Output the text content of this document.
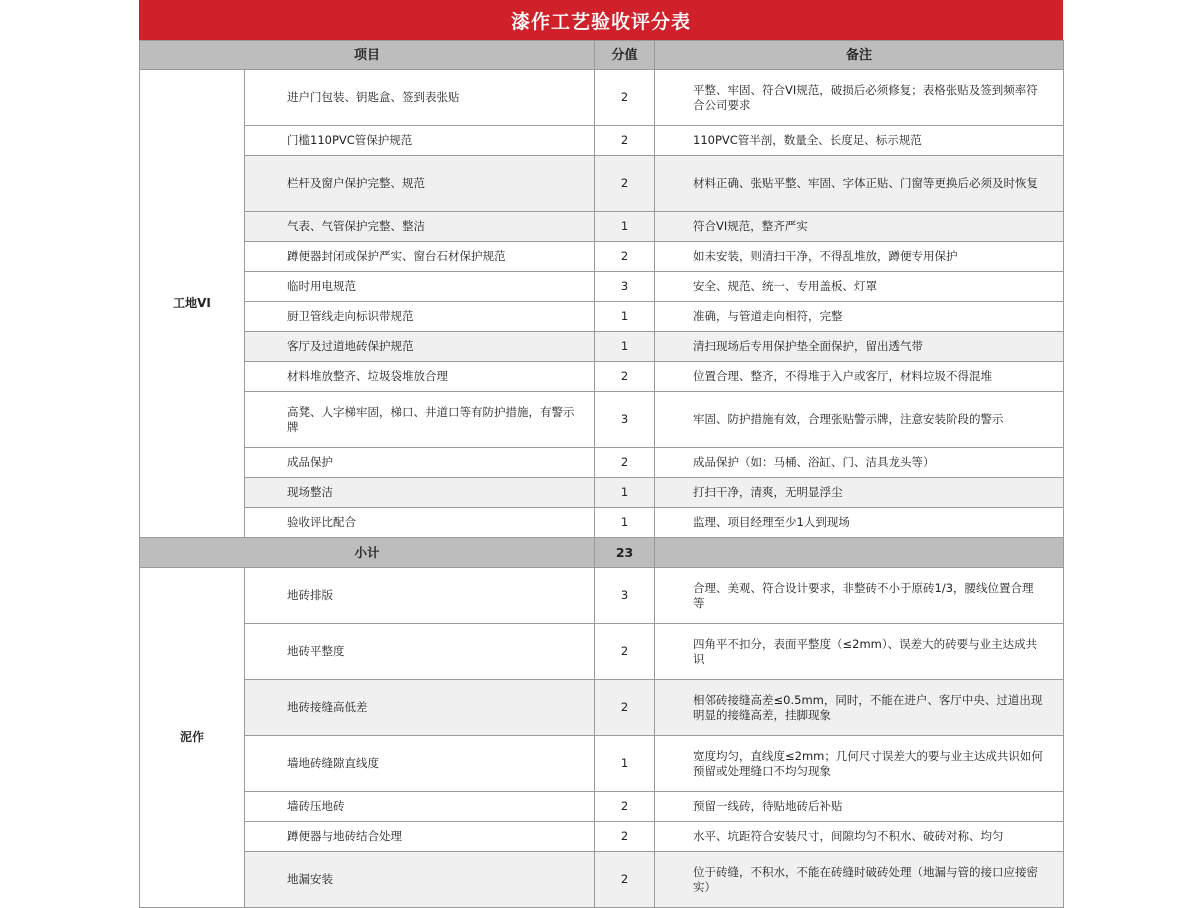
漆作工艺验收评分表
项目		分值	备注
工地VI	进户门包装、钥匙盒、签到表张贴	2	平整、牢固、符合VI规范，破损后必须修复；表格张贴及签到频率符合公司要求
	门槛110PVC管保护规范	2	110PVC管半剖，数量全、长度足、标示规范
	栏杆及窗户保护完整、规范	2	材料正确、张贴平整、牢固、字体正贴、门窗等更换后必须及时恢复
	气表、气管保护完整、整洁	1	符合VI规范，整齐严实
	蹲便器封闭或保护严实、窗台石材保护规范	2	如未安装，则清扫干净，不得乱堆放，蹲便专用保护
	临时用电规范	3	安全、规范、统一、专用盖板、灯罩
	厨卫管线走向标识带规范	1	准确，与管道走向相符，完整
	客厅及过道地砖保护规范	1	清扫现场后专用保护垫全面保护，留出透气带
	材料堆放整齐、垃圾袋堆放合理	2	位置合理、整齐，不得堆于入户或客厅，材料垃圾不得混堆
	高凳、人字梯牢固，梯口、井道口等有防护措施，有警示牌	3	牢固、防护措施有效，合理张贴警示牌，注意安装阶段的警示
	成品保护	2	成品保护（如：马桶、浴缸、门、洁具龙头等）
	现场整洁	1	打扫干净，清爽，无明显浮尘
	验收评比配合	1	监理、项目经理至少1人到现场
小计		23	
泥作	地砖排版	3	合理、美观、符合设计要求，非整砖不小于原砖1/3，腰线位置合理等
	地砖平整度	2	四角平不扣分，表面平整度（≤2mm）、误差大的砖要与业主达成共识
	地砖接缝高低差	2	相邻砖接缝高差≤0.5mm，同时，不能在进户、客厅中央、过道出现明显的接缝高差，挂脚现象
	墙地砖缝隙直线度	1	宽度均匀，直线度≤2mm；几何尺寸误差大的要与业主达成共识如何预留或处理缝口不均匀现象
	墙砖压地砖	2	预留一线砖，待贴地砖后补贴
	蹲便器与地砖结合处理	2	水平、坑距符合安装尺寸，间隙均匀不积水、破砖对称、均匀
	地漏安装	2	位于砖缝，不积水，不能在砖缝时破砖处理（地漏与管的接口应接密实）
